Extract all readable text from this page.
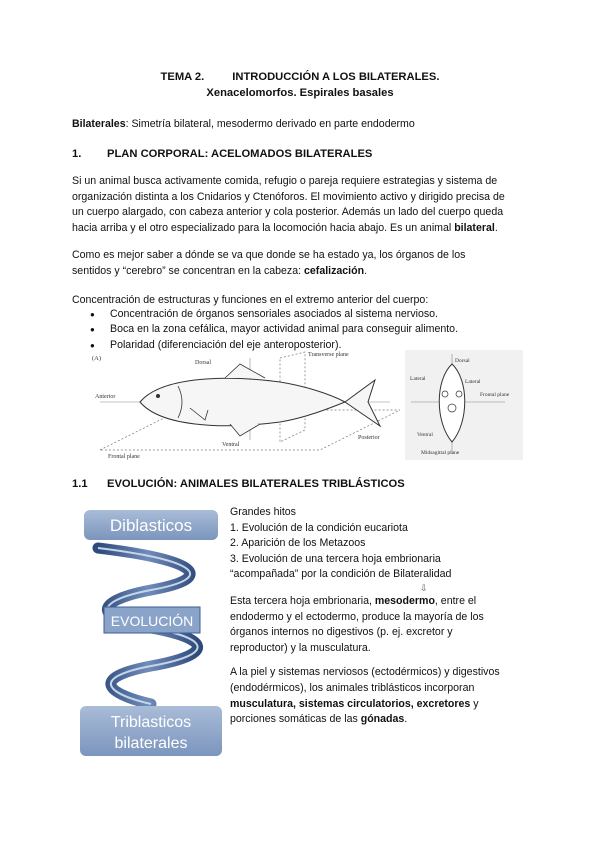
TEMA 2.	INTRODUCCIÓN A LOS BILATERALES.
Xenacelomorfos. Espirales basales
Bilaterales: Simetría bilateral, mesodermo derivado en parte endodermo
1. PLAN CORPORAL: ACELOMADOS BILATERALES
Si un animal busca activamente comida, refugio o pareja requiere estrategias y sistema de
organización distinta a los Cnidarios y Ctenóforos. El movimiento activo y dirigido precisa de
un cuerpo alargado, con cabeza anterior y cola posterior. Además un lado del cuerpo queda
hacia arriba y el otro especializado para la locomoción hacia abajo. Es un animal bilateral.
Como es mejor saber a dónde se va que donde se ha estado ya, los órganos de los
sentidos y “cerebro” se concentran en la cabeza: cefalización.
Concentración de estructuras y funciones en el extremo anterior del cuerpo:
● Concentración de órganos sensoriales asociados al sistema nervioso.
● Boca en la zona cefálica, mayor actividad animal para conseguir alimento.
● Polaridad (diferenciación del eje anteroposterior).
(A)
Dorsal
Transverse plane
Anterior
Posterior
Ventral
Frontal plane
Dorsal
Lateral	Lateral
Frontal plane
Ventral
Midsagittal plane
1.1 EVOLUCIÓN: ANIMALES BILATERALES TRIBLÁSTICOS
Diblasticos
EVOLUCIÓN
Triblasticos
bilaterales

Grandes hitos

1. Evolución de la condición eucariota

2. Aparición de los Metazoos

3. Evolución de una tercera hoja embrionaria

“acompañada” por la condición de Bilateralidad

⇩

Esta tercera hoja embrionaria, mesodermo, entre el

endodermo y el ectodermo, produce la mayoría de los

órganos internos no digestivos (p. ej. excretor y

reproductor) y la musculatura.

A la piel y sistemas nerviosos (ectodérmicos) y digestivos

(endodérmicos), los animales triblásticos incorporan

musculatura, sistemas circulatorios, excretores y

porciones somáticas de las gónadas.
